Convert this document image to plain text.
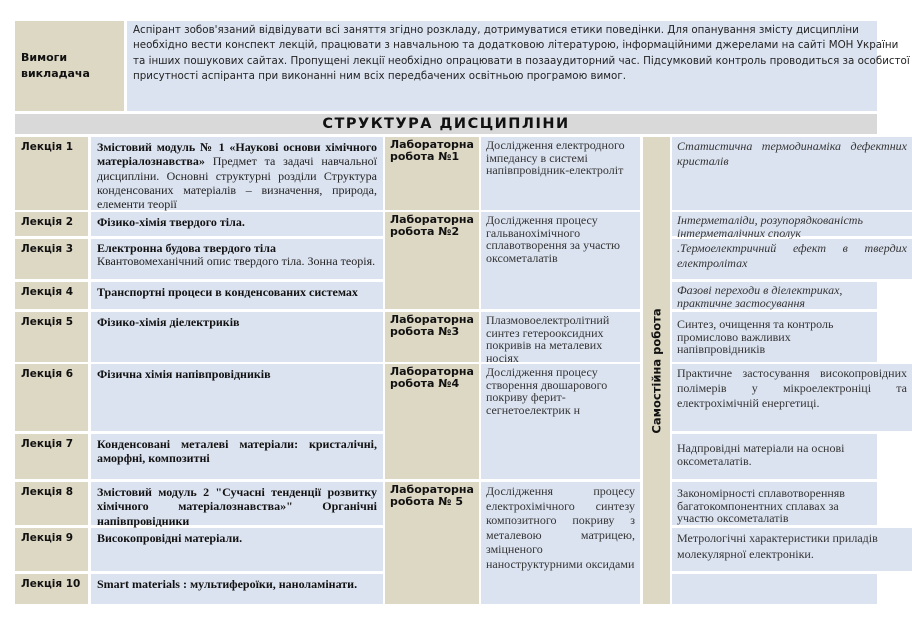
Вимоги викладача
Аспірант зобов'язаний відвідувати всі заняття згідно розкладу, дотримуватися етики поведінки. Для опанування змісту дисципліни
необхідно вести конспект лекцій, працювати з навчальною та додатковою літературою, інформаційними джерелами на сайті МОН України
та інших пошукових сайтах. Пропущені лекції необхідно опрацювати в позааудиторний час. Підсумковий контроль проводиться за особистої
присутності аспіранта при виконанні ним всіх передбачених освітньою програмою вимог.
СТРУКТУРА ДИСЦИПЛІНИ
Лекція 1
Лекція 2
Лекція 3
Лекція 4
Лекція 5
Лекція 6
Лекція 7
Лекція 8
Лекція 9
Лекція 10
Змістовий модуль № 1 «Наукові основи хімічного матеріалознавства» Предмет та задачі навчальної дисципліни. Основні структурні розділи Структура конденсованих матеріалів – визначення, природа, елементи теорії
Фізико-хімія твердого тіла.
Електронна будова твердого тіла
Квантовомеханічний опис твердого тіла. Зонна теорія.
Транспортні процеси в конденсованих системах
Фізико-хімія діелектриків
Фізична хімія напівпровідників
Конденсовані металеві матеріали: кристалічні, аморфні, композитні
Змістовий модуль 2 "Сучасні тенденції розвитку хімічного матеріалознавства»" Органічні напівпровідники
Високопровідні матеріали.
Smart materials : мультифероїки, наноламінати.
Лабораторна робота №1
Лабораторна робота №2
Лабораторна робота №3
Лабораторна робота №4
Лабораторна робота № 5
Дослідження електродного імпедансу в системі напівпровідник-електроліт
Дослідження процесу гальванохімічного сплавотворення за участю оксометалатів
Плазмовоелектролітний синтез гетерооксидних покривів на металевих носіях
Дослідження процесу створення двошарового покриву ферит-сегнетоелектрик н
Дослідження процесу електрохімічного синтезу композитного покриву з металевою матрицею, зміцненого наноструктурними оксидами
Самостійна робота
Статистична термодинаміка дефектних кристалів
Інтерметаліди, розупорядкованість інтерметалічних сполук
.Термоелектричний ефект в твердих електролітах
Фазові переходи в діелектриках, практичне застосування
Синтез, очищення та контроль промислово важливих напівпровідників
Практичне застосування високопровідних полімерів у мікроелектроніці та електрохімічній енергетиці.
Надпровідні матеріали на основі оксометалатів.
Закономірності сплавотворенняв багатокомпонентних сплавах за участю оксометалатів
Метрологічні характеристики приладів молекулярної електроніки.
